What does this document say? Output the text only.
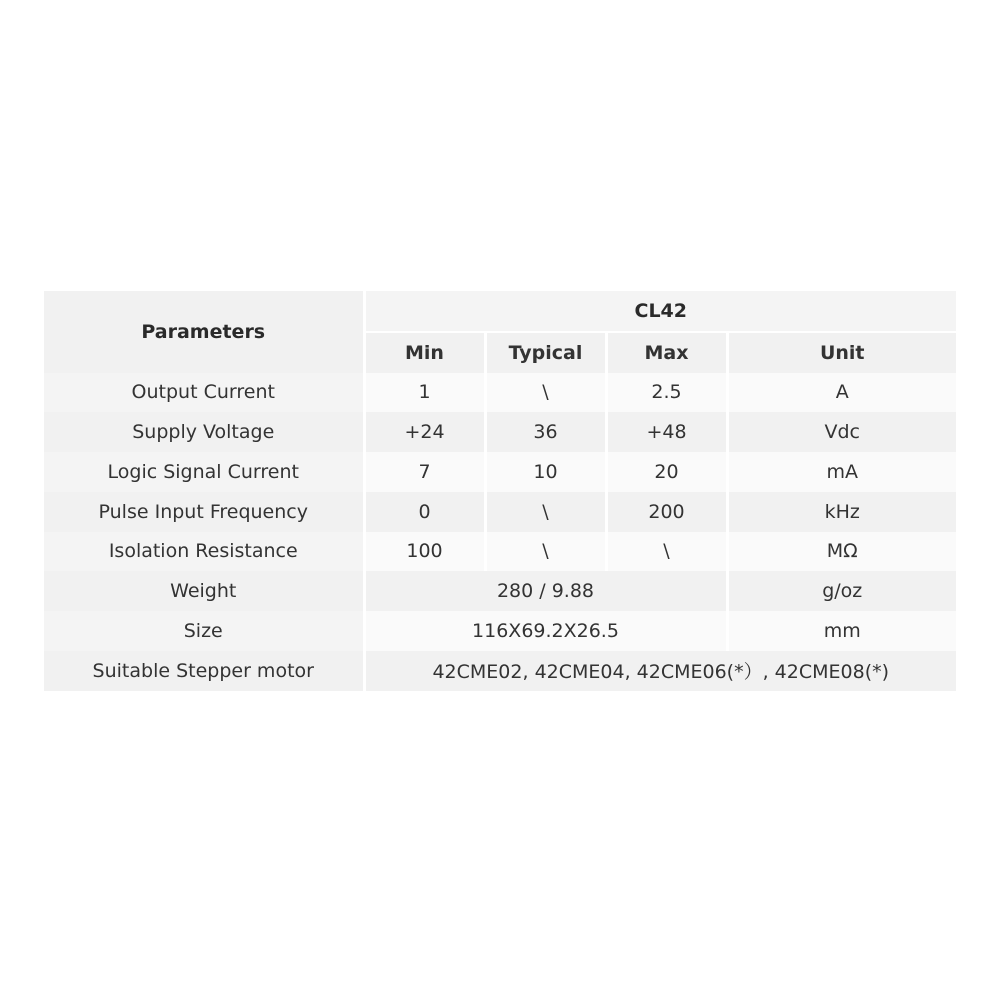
Parameters	CL42			
	Min	Typical	Max	Unit
Output Current	1	\	2.5	A
Supply Voltage	+24	36	+48	Vdc
Logic Signal Current	7	10	20	mA
Pulse Input Frequency	0	\	200	kHz
Isolation Resistance	100	\	\	MΩ
Weight	280 / 9.88			g/oz
Size	116X69.2X26.5			mm
Suitable Stepper motor	42CME02, 42CME04, 42CME06(*）, 42CME08(*)			
